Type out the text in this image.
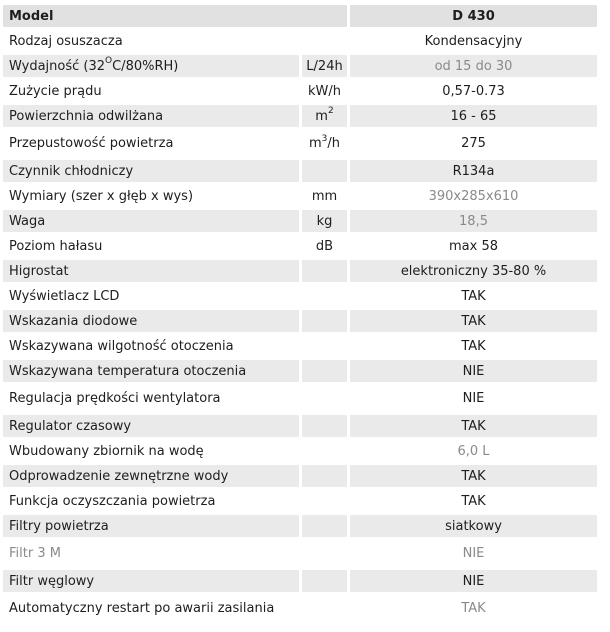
Model		D 430
Rodzaj osuszacza		Kondensacyjny
Wydajność $(32^OC/80\%RH)$	L/24h	od 15 do 30
Zużycie prądu	kW/h	0,57-0.73
Powierzchnia odwilżana	$m^2$	16 - 65
Przepustowość powietrza	$m^3/h$	275
Czynnik chłodniczy		R134a
Wymiary (szer x głęb x wys)	mm	390x285x610
Waga	kg	18,5
Poziom hałasu	dB	max 58
Higrostat		elektroniczny 35-80 %
Wyświetlacz LCD		TAK
Wskazania diodowe		TAK
Wskazywana wilgotność otoczenia		TAK
Wskazywana temperatura otoczenia		NIE
Regulacja prędkości wentylatora		NIE
Regulator czasowy		TAK
Wbudowany zbiornik na wodę		6,0 L
Odprowadzenie zewnętrzne wody		TAK
Funkcja oczyszczania powietrza		TAK
Filtry powietrza		siatkowy
Filtr 3 M		NIE
Filtr węglowy		NIE
Automatyczny restart po awarii zasilania		TAK
